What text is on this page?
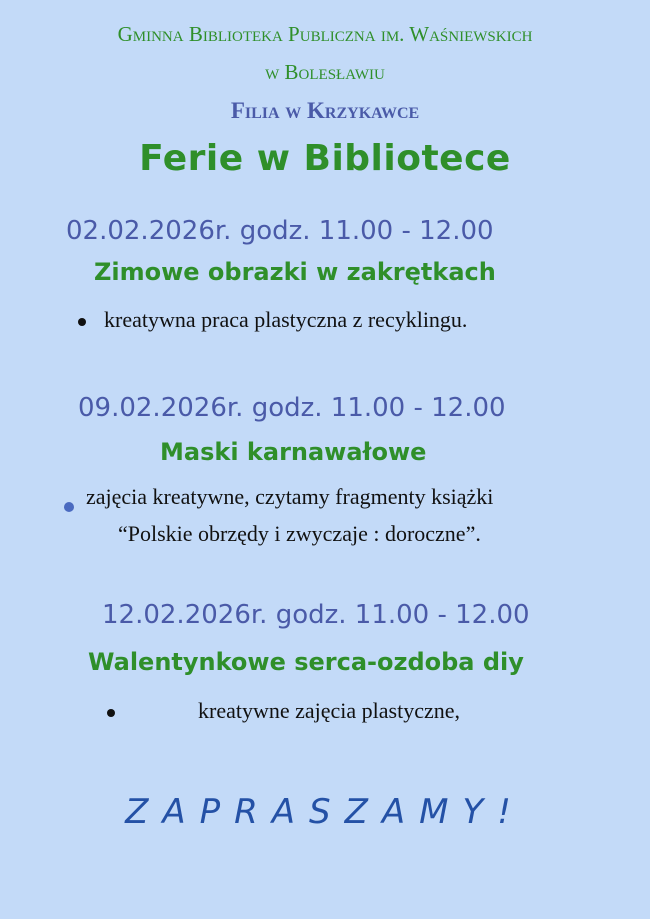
Gminna Biblioteka Publiczna im. Waśniewskich
w Bolesławiu
Filia w Krzykawce
Ferie w Bibliotece
02.02.2026r. godz. 11.00 - 12.00
Zimowe obrazki w zakrętkach
kreatywna praca plastyczna z recyklingu.
09.02.2026r. godz. 11.00 - 12.00
Maski karnawałowe
zajęcia kreatywne, czytamy fragmenty książki
“Polskie obrzędy i zwyczaje : doroczne”.
12.02.2026r. godz. 11.00 - 12.00
Walentynkowe serca-ozdoba diy
kreatywne zajęcia plastyczne,
ZAPRASZAMY!
